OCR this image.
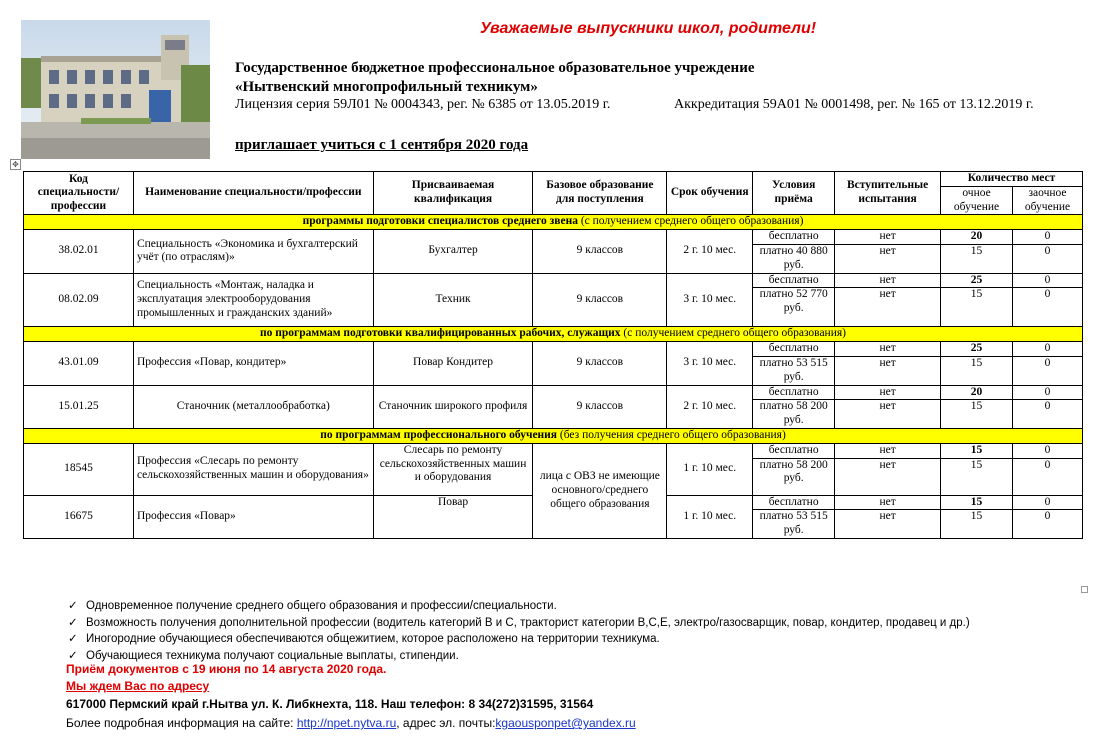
Уважаемые выпускники школ, родители!
Государственное бюджетное профессиональное образовательное учреждение
«Нытвенский многопрофильный техникум»
Лицензия серия 59Л01 № 0004343, рег. № 6385 от 13.05.2019 г.	Аккредитация 59А01 № 0001498, рег. № 165 от 13.12.2019 г.
приглашает учиться с 1 сентября 2020 года
✥
Код специальности/ профессии	Наименование специальности/профессии	Присваиваемая квалификация	Базовое образование для поступления	Срок обучения	Условия приёма	Вступительные испытания	Количество мест	
							очное обучение	заочное обучение
программы подготовки специалистов среднего звена (с получением среднего общего образования)								
38.02.01	Специальность «Экономика и бухгалтерский учёт (по отраслям)»	Бухгалтер	9 классов	2 г. 10 мес.	бесплатно	нет	20	0
					платно 40 880 руб.	нет	15	0
08.02.09	Специальность «Монтаж, наладка и эксплуатация электрооборудования промышленных и гражданских зданий»	Техник	9 классов	3 г. 10 мес.	бесплатно	нет	25	0
					платно 52 770 руб.	нет	15	0
по программам подготовки квалифицированных рабочих, служащих (с получением среднего общего образования)								
43.01.09	Профессия «Повар, кондитер»	Повар Кондитер	9 классов	3 г. 10 мес.	бесплатно	нет	25	0
					платно 53 515 руб.	нет	15	0
15.01.25	Станочник (металлообработка)	Станочник широкого профиля	9 классов	2 г. 10 мес.	бесплатно	нет	20	0
					платно 58 200 руб.	нет	15	0
по программам профессионального обучения (без получения среднего общего образования)								
18545	Профессия «Слесарь по ремонту сельскохозяйственных машин и оборудования»	Слесарь по ремонту сельскохозяйственных машин и оборудования	лица с ОВЗ не имеющие основного/среднего общего образования	1 г. 10 мес.	бесплатно	нет	15	0
					платно 58 200 руб.	нет	15	0
16675	Профессия «Повар»	Повар		1 г. 10 мес.	бесплатно	нет	15	0
					платно 53 515 руб.	нет	15	0
✓ Одновременное получение среднего общего образования и профессии/специальности.
✓ Возможность получения дополнительной профессии (водитель категорий В и С, тракторист категории В,С,Е, электро/газосварщик, повар, кондитер, продавец и др.)
✓ Иногородние обучающиеся обеспечиваются общежитием, которое расположено на территории техникума.
✓ Обучающиеся техникума получают социальные выплаты, стипендии.
Приём документов с 19 июня по 14 августа 2020 года.
Мы ждем Вас по адресу
617000 Пермский край г.Нытва ул. К. Либкнехта, 118. Наш телефон: 8 34(272)31595, 31564
Более подробная информация на сайте: http://npet.nytva.ru, адрес эл. почты:kgaousponpet@yandex.ru
